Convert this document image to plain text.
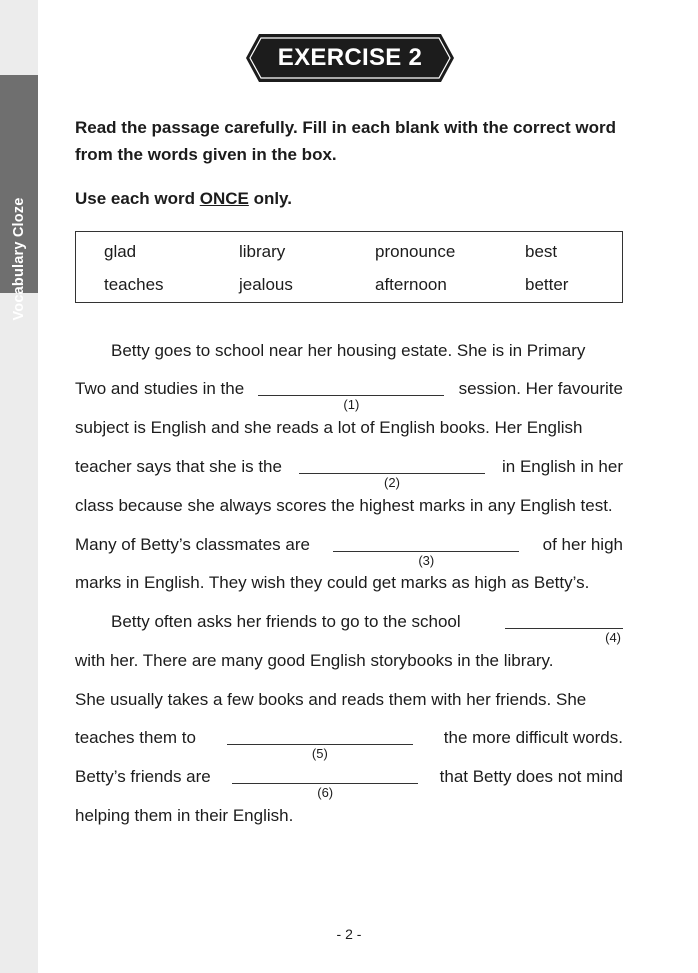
Vocabulary Cloze
EXERCISE 2

Read the passage carefully. Fill in each blank with the correct word from the words given in the box.

Use each word ONCE only.

glad	library	pronounce	best
teaches	jealous	afternoon	better
Betty goes to school near her housing estate. She is in Primary
Two and studies in the
(1)
session. Her favourite
subject is English and she reads a lot of English books. Her English
teacher says that she is the
(2)
in English in her
class because she always scores the highest marks in any English test.
Many of Betty’s classmates are
(3)
of her high
marks in English. They wish they could get marks as high as Betty’s.
Betty often asks her friends to go to the school
(4)
with her. There are many good English storybooks in the library.
She usually takes a few books and reads them with her friends. She
teaches them to
(5)
the more difficult words.
Betty’s friends are
(6)
that Betty does not mind
helping them in their English.
- 2 -
